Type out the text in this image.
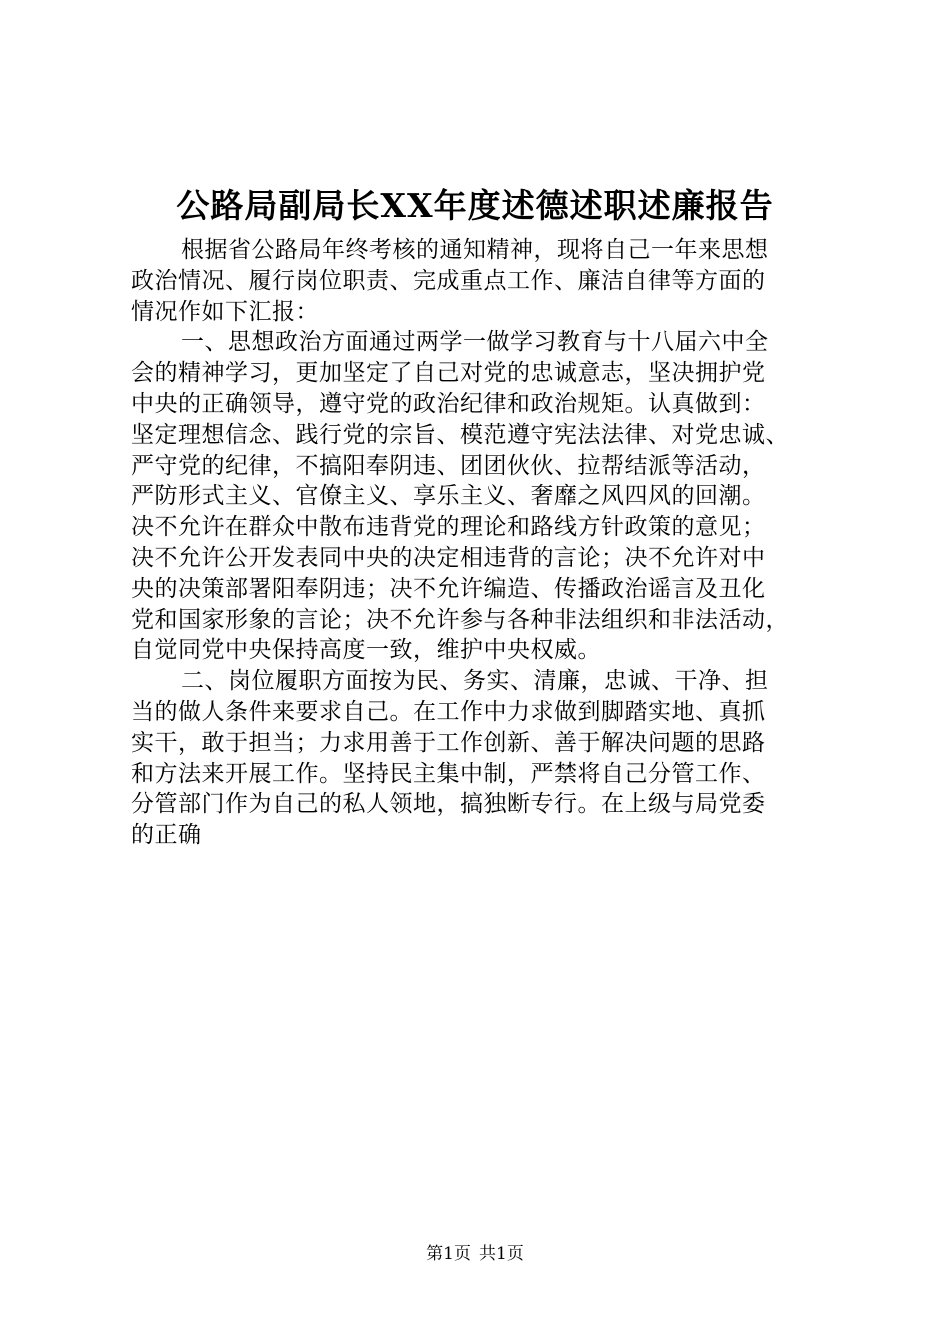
公路局副局长XX年度述德述职述廉报告
根据省公路局年终考核的通知精神，现将自己一年来思想
政治情况、履行岗位职责、完成重点工作、廉洁自律等方面的
情况作如下汇报：
一、思想政治方面通过两学一做学习教育与十八届六中全
会的精神学习，更加坚定了自己对党的忠诚意志，坚决拥护党
中央的正确领导，遵守党的政治纪律和政治规矩。认真做到：
坚定理想信念、践行党的宗旨、模范遵守宪法法律、对党忠诚、
严守党的纪律，不搞阳奉阴违、团团伙伙、拉帮结派等活动，
严防形式主义、官僚主义、享乐主义、奢靡之风四风的回潮。
决不允许在群众中散布违背党的理论和路线方针政策的意见；
决不允许公开发表同中央的决定相违背的言论；决不允许对中
央的决策部署阳奉阴违；决不允许编造、传播政治谣言及丑化
党和国家形象的言论；决不允许参与各种非法组织和非法活动，
自觉同党中央保持高度一致，维护中央权威。
二、岗位履职方面按为民、务实、清廉，忠诚、干净、担
当的做人条件来要求自己。在工作中力求做到脚踏实地、真抓
实干，敢于担当；力求用善于工作创新、善于解决问题的思路
和方法来开展工作。坚持民主集中制，严禁将自己分管工作、
分管部门作为自己的私人领地，搞独断专行。在上级与局党委
的正确
第1页 共1页
